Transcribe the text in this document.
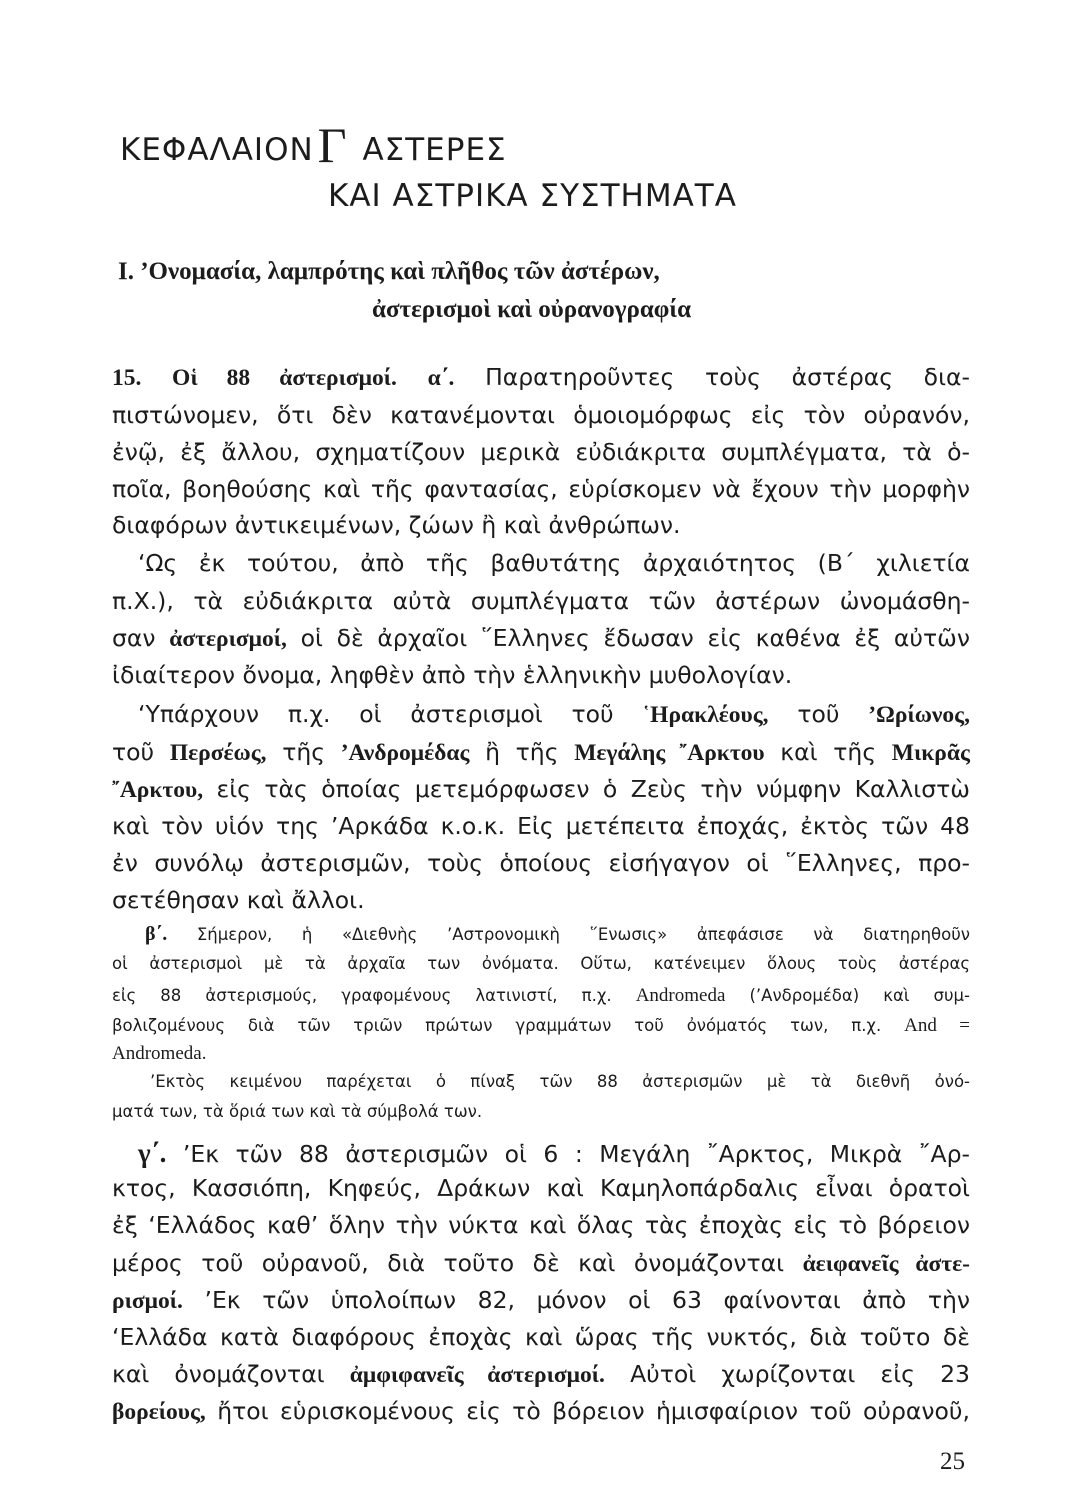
ΚΕΦΑΛΑΙΟΝΓ ΑΣΤΕΡΕΣ
ΚΑΙ ΑΣΤΡΙΚΑ ΣΥΣΤΗΜΑΤΑ
Ι. ’Ονομασία, λαμπρότης καὶ πλῆθος τῶν ἀστέρων,
ἀστερισμοὶ καὶ οὐρανογραφία
15. Οἱ 88 ἀστερισμοί. α΄. Παρατηροῦντες τοὺς ἀστέρας δια-
πιστώνομεν, ὅτι δὲν κατανέμονται ὁμοιομόρφως εἰς τὸν οὐρανόν,
ἐνῷ, ἐξ ἄλλου, σχηματίζουν μερικὰ εὐδιάκριτα συμπλέγματα, τὰ ὁ-
ποῖα, βοηθούσης καὶ τῆς φαντασίας, εὑρίσκομεν νὰ ἔχουν τὴν μορφὴν
διαφόρων ἀντικειμένων, ζώων ἢ καὶ ἀνθρώπων.
‘Ως ἐκ τούτου, ἀπὸ τῆς βαθυτάτης ἀρχαιότητος (Β΄ χιλιετία
π.Χ.), τὰ εὐδιάκριτα αὐτὰ συμπλέγματα τῶν ἀστέρων ὠνομάσθη-
σαν ἀστερισμοί, οἱ δὲ ἀρχαῖοι ῞Ελληνες ἔδωσαν εἰς καθένα ἐξ αὐτῶν
ἰδιαίτερον ὄνομα, ληφθὲν ἀπὸ τὴν ἑλληνικὴν μυθολογίαν.
‘Υπάρχουν π.χ. οἱ ἀστερισμοὶ τοῦ ῾Ηρακλέους, τοῦ ’Ωρίωνος,
τοῦ Περσέως, τῆς ’Ανδρομέδας ἢ τῆς Μεγάλης ῎Αρκτου καὶ τῆς Μικρᾶς
῎Αρκτου, εἰς τὰς ὁποίας μετεμόρφωσεν ὁ Ζεὺς τὴν νύμφην Καλλιστὼ
καὶ τὸν υἱόν της ’Αρκάδα κ.ο.κ. Εἰς μετέπειτα ἐποχάς, ἐκτὸς τῶν 48
ἐν συνόλῳ ἀστερισμῶν, τοὺς ὁποίους εἰσήγαγον οἱ ῞Ελληνες, προ-
σετέθησαν καὶ ἄλλοι.
β΄. Σήμερον, ἡ «Διεθνὴς ’Αστρονομικὴ ῞Ενωσις» ἀπεφάσισε νὰ διατηρηθοῦν
οἱ ἀστερισμοὶ μὲ τὰ ἀρχαῖα των ὀνόματα. Οὕτω, κατένειμεν ὅλους τοὺς ἀστέρας
εἰς 88 ἀστερισμούς, γραφομένους λατινιστί, π.χ. Andromeda (’Ανδρομέδα) καὶ συμ-
βολιζομένους διὰ τῶν τριῶν πρώτων γραμμάτων τοῦ ὀνόματός των, π.χ. And =
Andromeda.
’Εκτὸς κειμένου παρέχεται ὁ πίναξ τῶν 88 ἀστερισμῶν μὲ τὰ διεθνῆ ὀνό-
ματά των, τὰ ὅριά των καὶ τὰ σύμβολά των.
γ΄. ’Εκ τῶν 88 ἀστερισμῶν οἱ 6 : Μεγάλη ῎Αρκτος, Μικρὰ ῎Αρ-
κτος, Κασσιόπη, Κηφεύς, Δράκων καὶ Καμηλοπάρδαλις εἶναι ὁρατοὶ
ἐξ ‘Ελλάδος καθ’ ὅλην τὴν νύκτα καὶ ὅλας τὰς ἐποχὰς εἰς τὸ βόρειον
μέρος τοῦ οὐρανοῦ, διὰ τοῦτο δὲ καὶ ὀνομάζονται ἀειφανεῖς ἀστε-
ρισμοί. ’Εκ τῶν ὑπολοίπων 82, μόνον οἱ 63 φαίνονται ἀπὸ τὴν
‘Ελλάδα κατὰ διαφόρους ἐποχὰς καὶ ὥρας τῆς νυκτός, διὰ τοῦτο δὲ
καὶ ὀνομάζονται ἀμφιφανεῖς ἀστερισμοί. Αὐτοὶ χωρίζονται εἰς 23
βορείους, ἤτοι εὑρισκομένους εἰς τὸ βόρειον ἡμισφαίριον τοῦ οὐρανοῦ,
25
